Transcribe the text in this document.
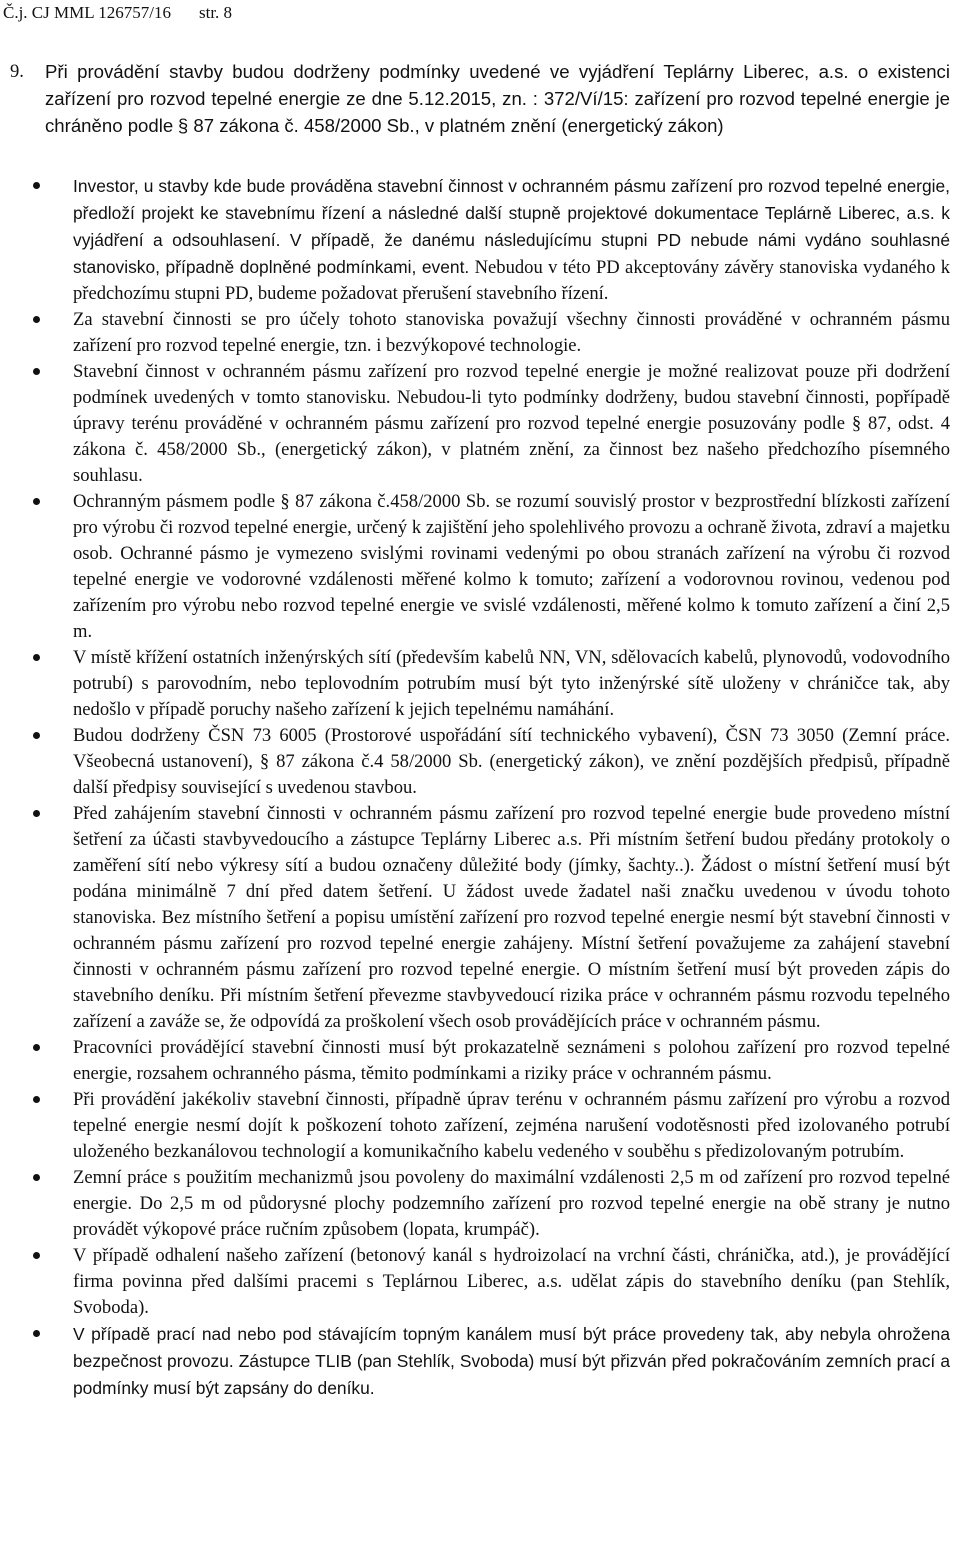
Č.j. CJ MML 126757/16 str. 8
9.	Při provádění stavby budou dodrženy podmínky uvedené ve vyjádření Teplárny Liberec, a.s. o existenci zařízení pro rozvod tepelné energie ze dne 5.12.2015, zn. : 372/Ví/15: zařízení pro rozvod tepelné energie je chráněno podle § 87 zákona č. 458/2000 Sb., v platném znění (energetický zákon)
Investor, u stavby kde bude prováděna stavební činnost v ochranném pásmu zařízení pro rozvod tepelné energie, předloží projekt ke stavebnímu řízení a následné další stupně projektové dokumentace Teplárně Liberec, a.s. k vyjádření a odsouhlasení. V případě, že danému následujícímu stupni PD nebude námi vydáno souhlasné stanovisko, případně doplněné podmínkami, event. Nebudou v této PD akceptovány závěry stanoviska vydaného k předchozímu stupni PD, budeme požadovat přerušení stavebního řízení.
Za stavební činnosti se pro účely tohoto stanoviska považují všechny činnosti prováděné v ochranném pásmu zařízení pro rozvod tepelné energie, tzn. i bezvýkopové technologie.
Stavební činnost v ochranném pásmu zařízení pro rozvod tepelné energie je možné realizovat pouze při dodržení podmínek uvedených v tomto stanovisku. Nebudou-li tyto podmínky dodrženy, budou stavební činnosti, popřípadě úpravy terénu prováděné v ochranném pásmu zařízení pro rozvod tepelné energie posuzovány podle § 87, odst. 4 zákona č. 458/2000 Sb., (energetický zákon), v platném znění, za činnost bez našeho předchozího písemného souhlasu.
Ochranným pásmem podle § 87 zákona č.458/2000 Sb. se rozumí souvislý prostor v bezprostřední blízkosti zařízení pro výrobu či rozvod tepelné energie, určený k zajištění jeho spolehlivého provozu a ochraně života, zdraví a majetku osob. Ochranné pásmo je vymezeno svislými rovinami vedenými po obou stranách zařízení na výrobu či rozvod tepelné energie ve vodorovné vzdálenosti měřené kolmo k tomuto; zařízení a vodorovnou rovinou, vedenou pod zařízením pro výrobu nebo rozvod tepelné energie ve svislé vzdálenosti, měřené kolmo k tomuto zařízení a činí 2,5 m.
V místě křížení ostatních inženýrských sítí (především kabelů NN, VN, sdělovacích kabelů, plynovodů, vodovodního potrubí) s parovodním, nebo teplovodním potrubím musí být tyto inženýrské sítě uloženy v chráničce tak, aby nedošlo v případě poruchy našeho zařízení k jejich tepelnému namáhání.
Budou dodrženy ČSN 73 6005 (Prostorové uspořádání sítí technického vybavení), ČSN 73 3050 (Zemní práce. Všeobecná ustanovení), § 87 zákona č.4 58/2000 Sb. (energetický zákon), ve znění pozdějších předpisů, případně další předpisy související s uvedenou stavbou.
Před zahájením stavební činnosti v ochranném pásmu zařízení pro rozvod tepelné energie bude provedeno místní šetření za účasti stavbyvedoucího a zástupce Teplárny Liberec a.s. Při místním šetření budou předány protokoly o zaměření sítí nebo výkresy sítí a budou označeny důležité body (jímky, šachty..). Žádost o místní šetření musí být podána minimálně 7 dní před datem šetření. U žádost uvede žadatel naši značku uvedenou v úvodu tohoto stanoviska. Bez místního šetření a popisu umístění zařízení pro rozvod tepelné energie nesmí být stavební činnosti v ochranném pásmu zařízení pro rozvod tepelné energie zahájeny. Místní šetření považujeme za zahájení stavební činnosti v ochranném pásmu zařízení pro rozvod tepelné energie. O místním šetření musí být proveden zápis do stavebního deníku. Při místním šetření převezme stavbyvedoucí rizika práce v ochranném pásmu rozvodu tepelného zařízení a zaváže se, že odpovídá za proškolení všech osob provádějících práce v ochranném pásmu.
Pracovníci provádějící stavební činnosti musí být prokazatelně seznámeni s polohou zařízení pro rozvod tepelné energie, rozsahem ochranného pásma, těmito podmínkami a riziky práce v ochranném pásmu.
Při provádění jakékoliv stavební činnosti, případně úprav terénu v ochranném pásmu zařízení pro výrobu a rozvod tepelné energie nesmí dojít k poškození tohoto zařízení, zejména narušení vodotěsnosti před izolovaného potrubí uloženého bezkanálovou technologií a komunikačního kabelu vedeného v souběhu s předizolovaným potrubím.
Zemní práce s použitím mechanizmů jsou povoleny do maximální vzdálenosti 2,5 m od zařízení pro rozvod tepelné energie. Do 2,5 m od půdorysné plochy podzemního zařízení pro rozvod tepelné energie na obě strany je nutno provádět výkopové práce ručním způsobem (lopata, krumpáč).
V případě odhalení našeho zařízení (betonový kanál s hydroizolací na vrchní části, chránička, atd.), je provádějící firma povinna před dalšími pracemi s Teplárnou Liberec, a.s. udělat zápis do stavebního deníku (pan Stehlík, Svoboda).
V případě prací nad nebo pod stávajícím topným kanálem musí být práce provedeny tak, aby nebyla ohrožena bezpečnost provozu. Zástupce TLIB (pan Stehlík, Svoboda) musí být přizván před pokračováním zemních prací a podmínky musí být zapsány do deníku.
